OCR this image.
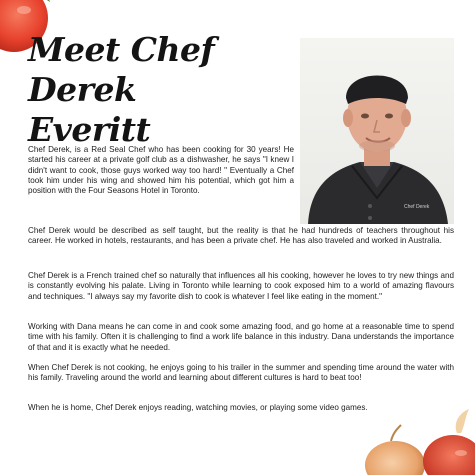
Meet Chef
Derek Everitt
Chef Derek

Chef Derek, is a Red Seal Chef who has been cooking for 30 years! He started his career at a private golf club as a dishwasher, he says "I knew I didn't want to cook, those guys worked way too hard! " Eventually a Chef took him under his wing and showed him his potential, which got him a position with the Four Seasons Hotel in Toronto.

Chef Derek would be described as self taught, but the reality is that he had hundreds of teachers throughout his career. He worked in hotels, restaurants, and has been a private chef. He has also traveled and worked in Australia.

Chef Derek is a French trained chef so naturally that influences all his cooking, however he loves to try new things and is constantly evolving his palate. Living in Toronto while learning to cook exposed him to a world of amazing flavours and techniques. "I always say my favorite dish to cook is whatever I feel like eating in the moment."

Working with Dana means he can come in and cook some amazing food, and go home at a reasonable time to spend time with his family. Often it is challenging to find a work life balance in this industry. Dana understands the importance of that and it is exactly what he needed.

When Chef Derek is not cooking, he enjoys going to his trailer in the summer and spending time around the water with his family. Traveling around the world and learning about different cultures is hard to beat too!

When he is home, Chef Derek enjoys reading, watching movies, or playing some video games.
